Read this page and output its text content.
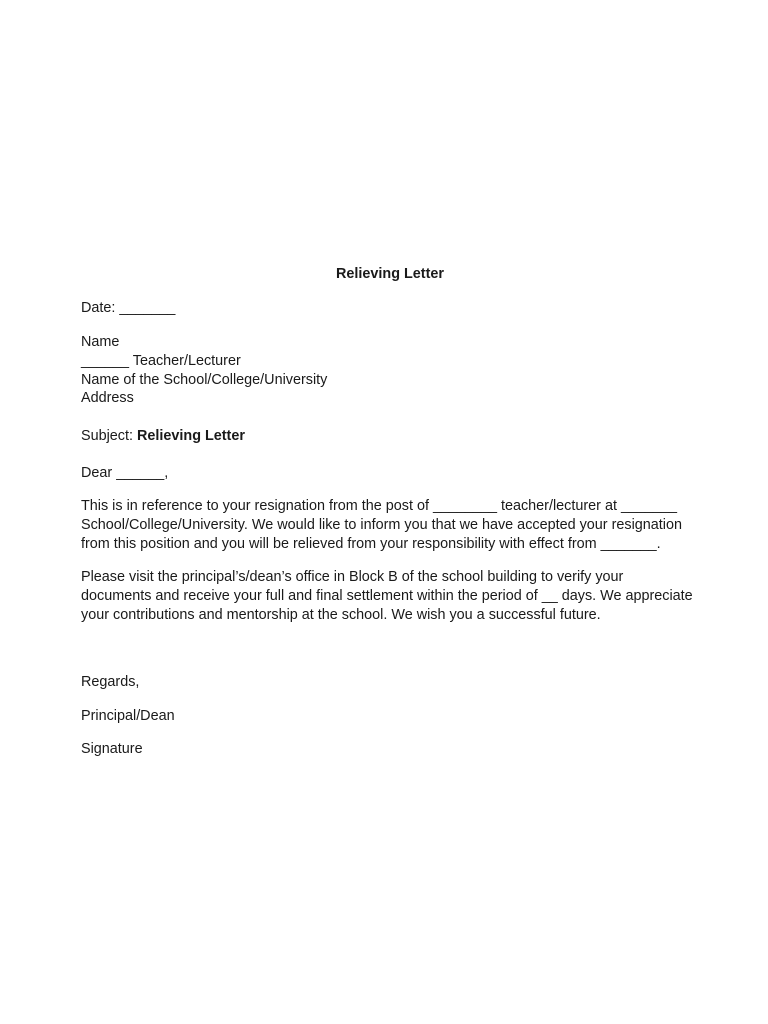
Relieving Letter
Date: _______
Name
______ Teacher/Lecturer
Name of the School/College/University
Address
Subject: Relieving Letter
Dear ______,
This is in reference to your resignation from the post of ________ teacher/lecturer at _______
School/College/University. We would like to inform you that we have accepted your resignation
from this position and you will be relieved from your responsibility with effect from _______.
Please visit the principal’s/dean’s office in Block B of the school building to verify your
documents and receive your full and final settlement within the period of __ days. We appreciate
your contributions and mentorship at the school. We wish you a successful future.
Regards,
Principal/Dean
Signature
